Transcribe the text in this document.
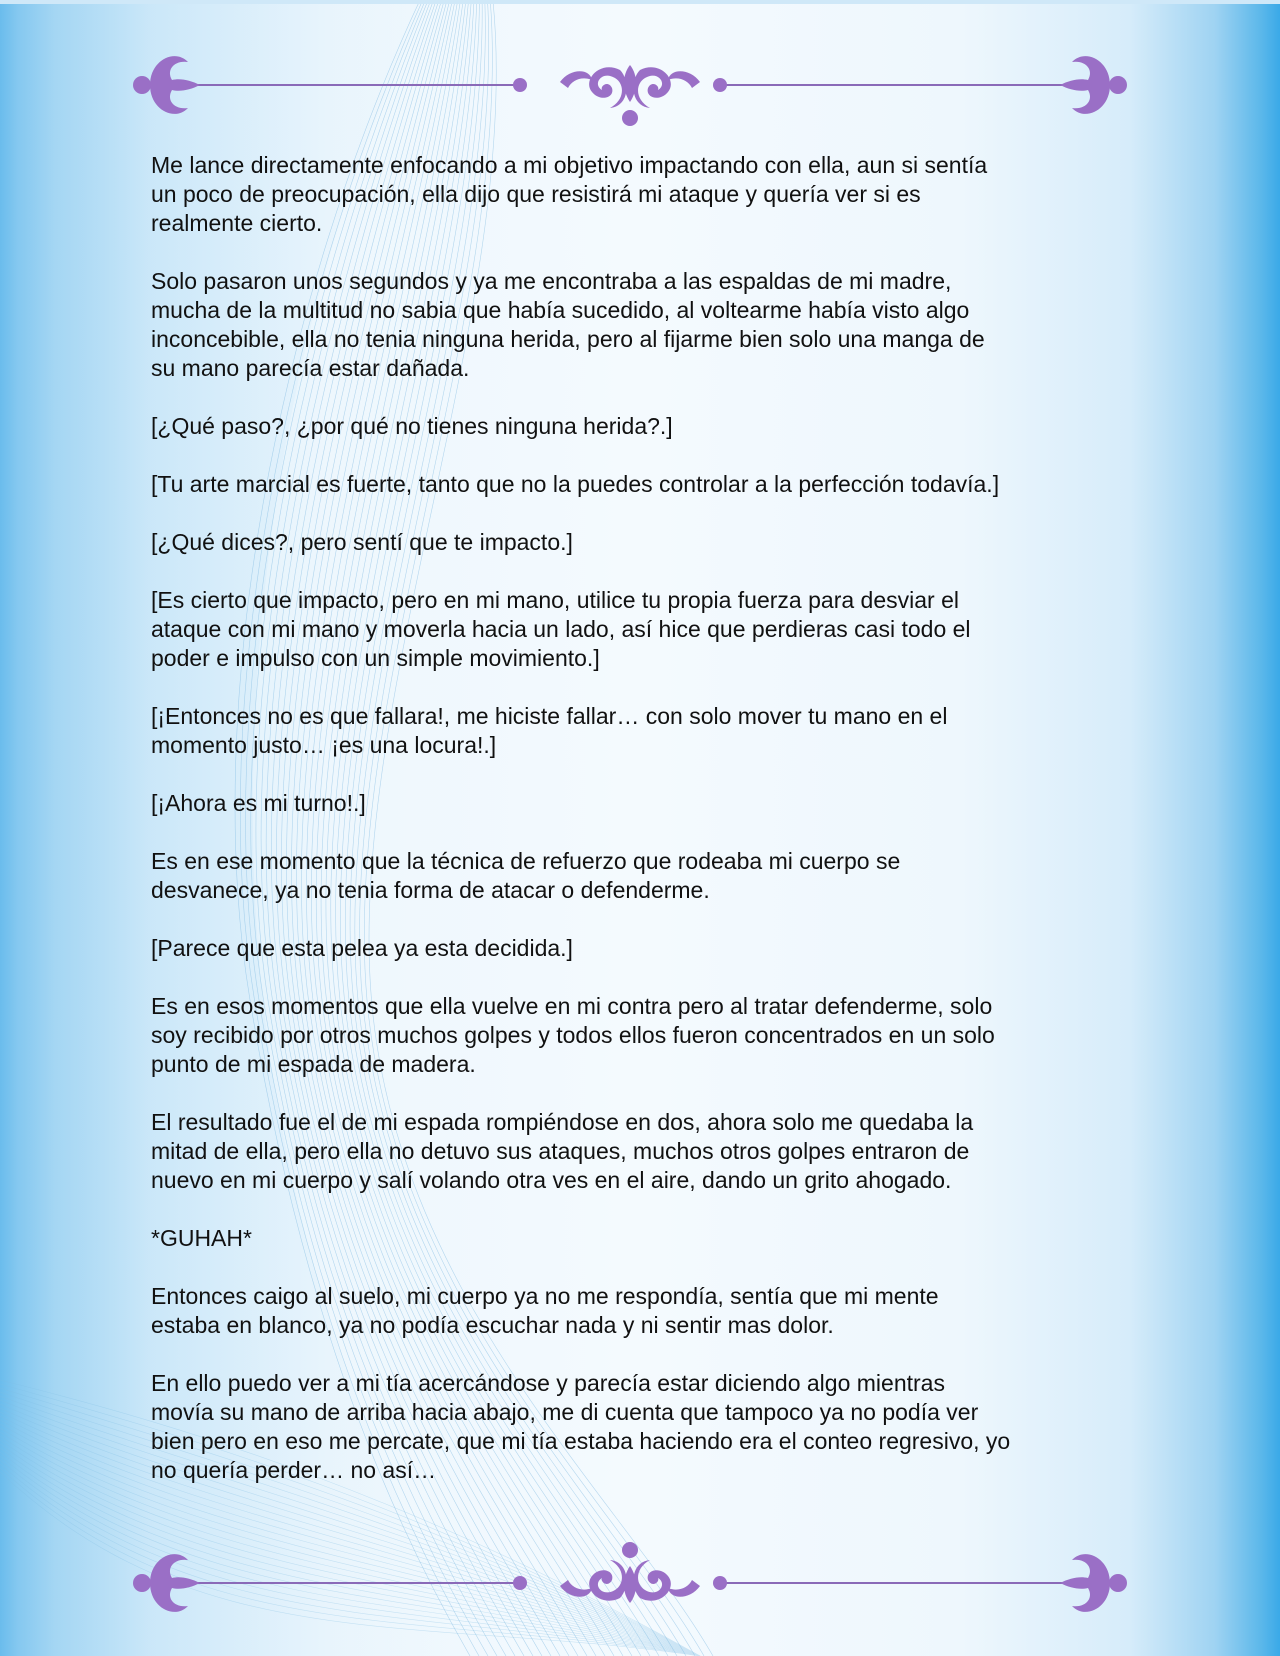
Me lance directamente enfocando a mi objetivo impactando con ella, aun si sentía
un poco de preocupación, ella dijo que resistirá mi ataque y quería ver si es
realmente cierto.

Solo pasaron unos segundos y ya me encontraba a las espaldas de mi madre,
mucha de la multitud no sabia que había sucedido, al voltearme había visto algo
inconcebible, ella no tenia ninguna herida, pero al fijarme bien solo una manga de
su mano parecía estar dañada.

[¿Qué paso?, ¿por qué no tienes ninguna herida?.]

[Tu arte marcial es fuerte, tanto que no la puedes controlar a la perfección todavía.]

[¿Qué dices?, pero sentí que te impacto.]

[Es cierto que impacto, pero en mi mano, utilice tu propia fuerza para desviar el
ataque con mi mano y moverla hacia un lado, así hice que perdieras casi todo el
poder e impulso con un simple movimiento.]

[¡Entonces no es que fallara!, me hiciste fallar… con solo mover tu mano en el
momento justo… ¡es una locura!.]

[¡Ahora es mi turno!.]

Es en ese momento que la técnica de refuerzo que rodeaba mi cuerpo se
desvanece, ya no tenia forma de atacar o defenderme.

[Parece que esta pelea ya esta decidida.]

Es en esos momentos que ella vuelve en mi contra pero al tratar defenderme, solo
soy recibido por otros muchos golpes y todos ellos fueron concentrados en un solo
punto de mi espada de madera.

El resultado fue el de mi espada rompiéndose en dos, ahora solo me quedaba la
mitad de ella, pero ella no detuvo sus ataques, muchos otros golpes entraron de
nuevo en mi cuerpo y salí volando otra ves en el aire, dando un grito ahogado.

*GUHAH*

Entonces caigo al suelo, mi cuerpo ya no me respondía, sentía que mi mente
estaba en blanco, ya no podía escuchar nada y ni sentir mas dolor.

En ello puedo ver a mi tía acercándose y parecía estar diciendo algo mientras
movía su mano de arriba hacia abajo, me di cuenta que tampoco ya no podía ver
bien pero en eso me percate, que mi tía estaba haciendo era el conteo regresivo, yo
no quería perder… no así…
